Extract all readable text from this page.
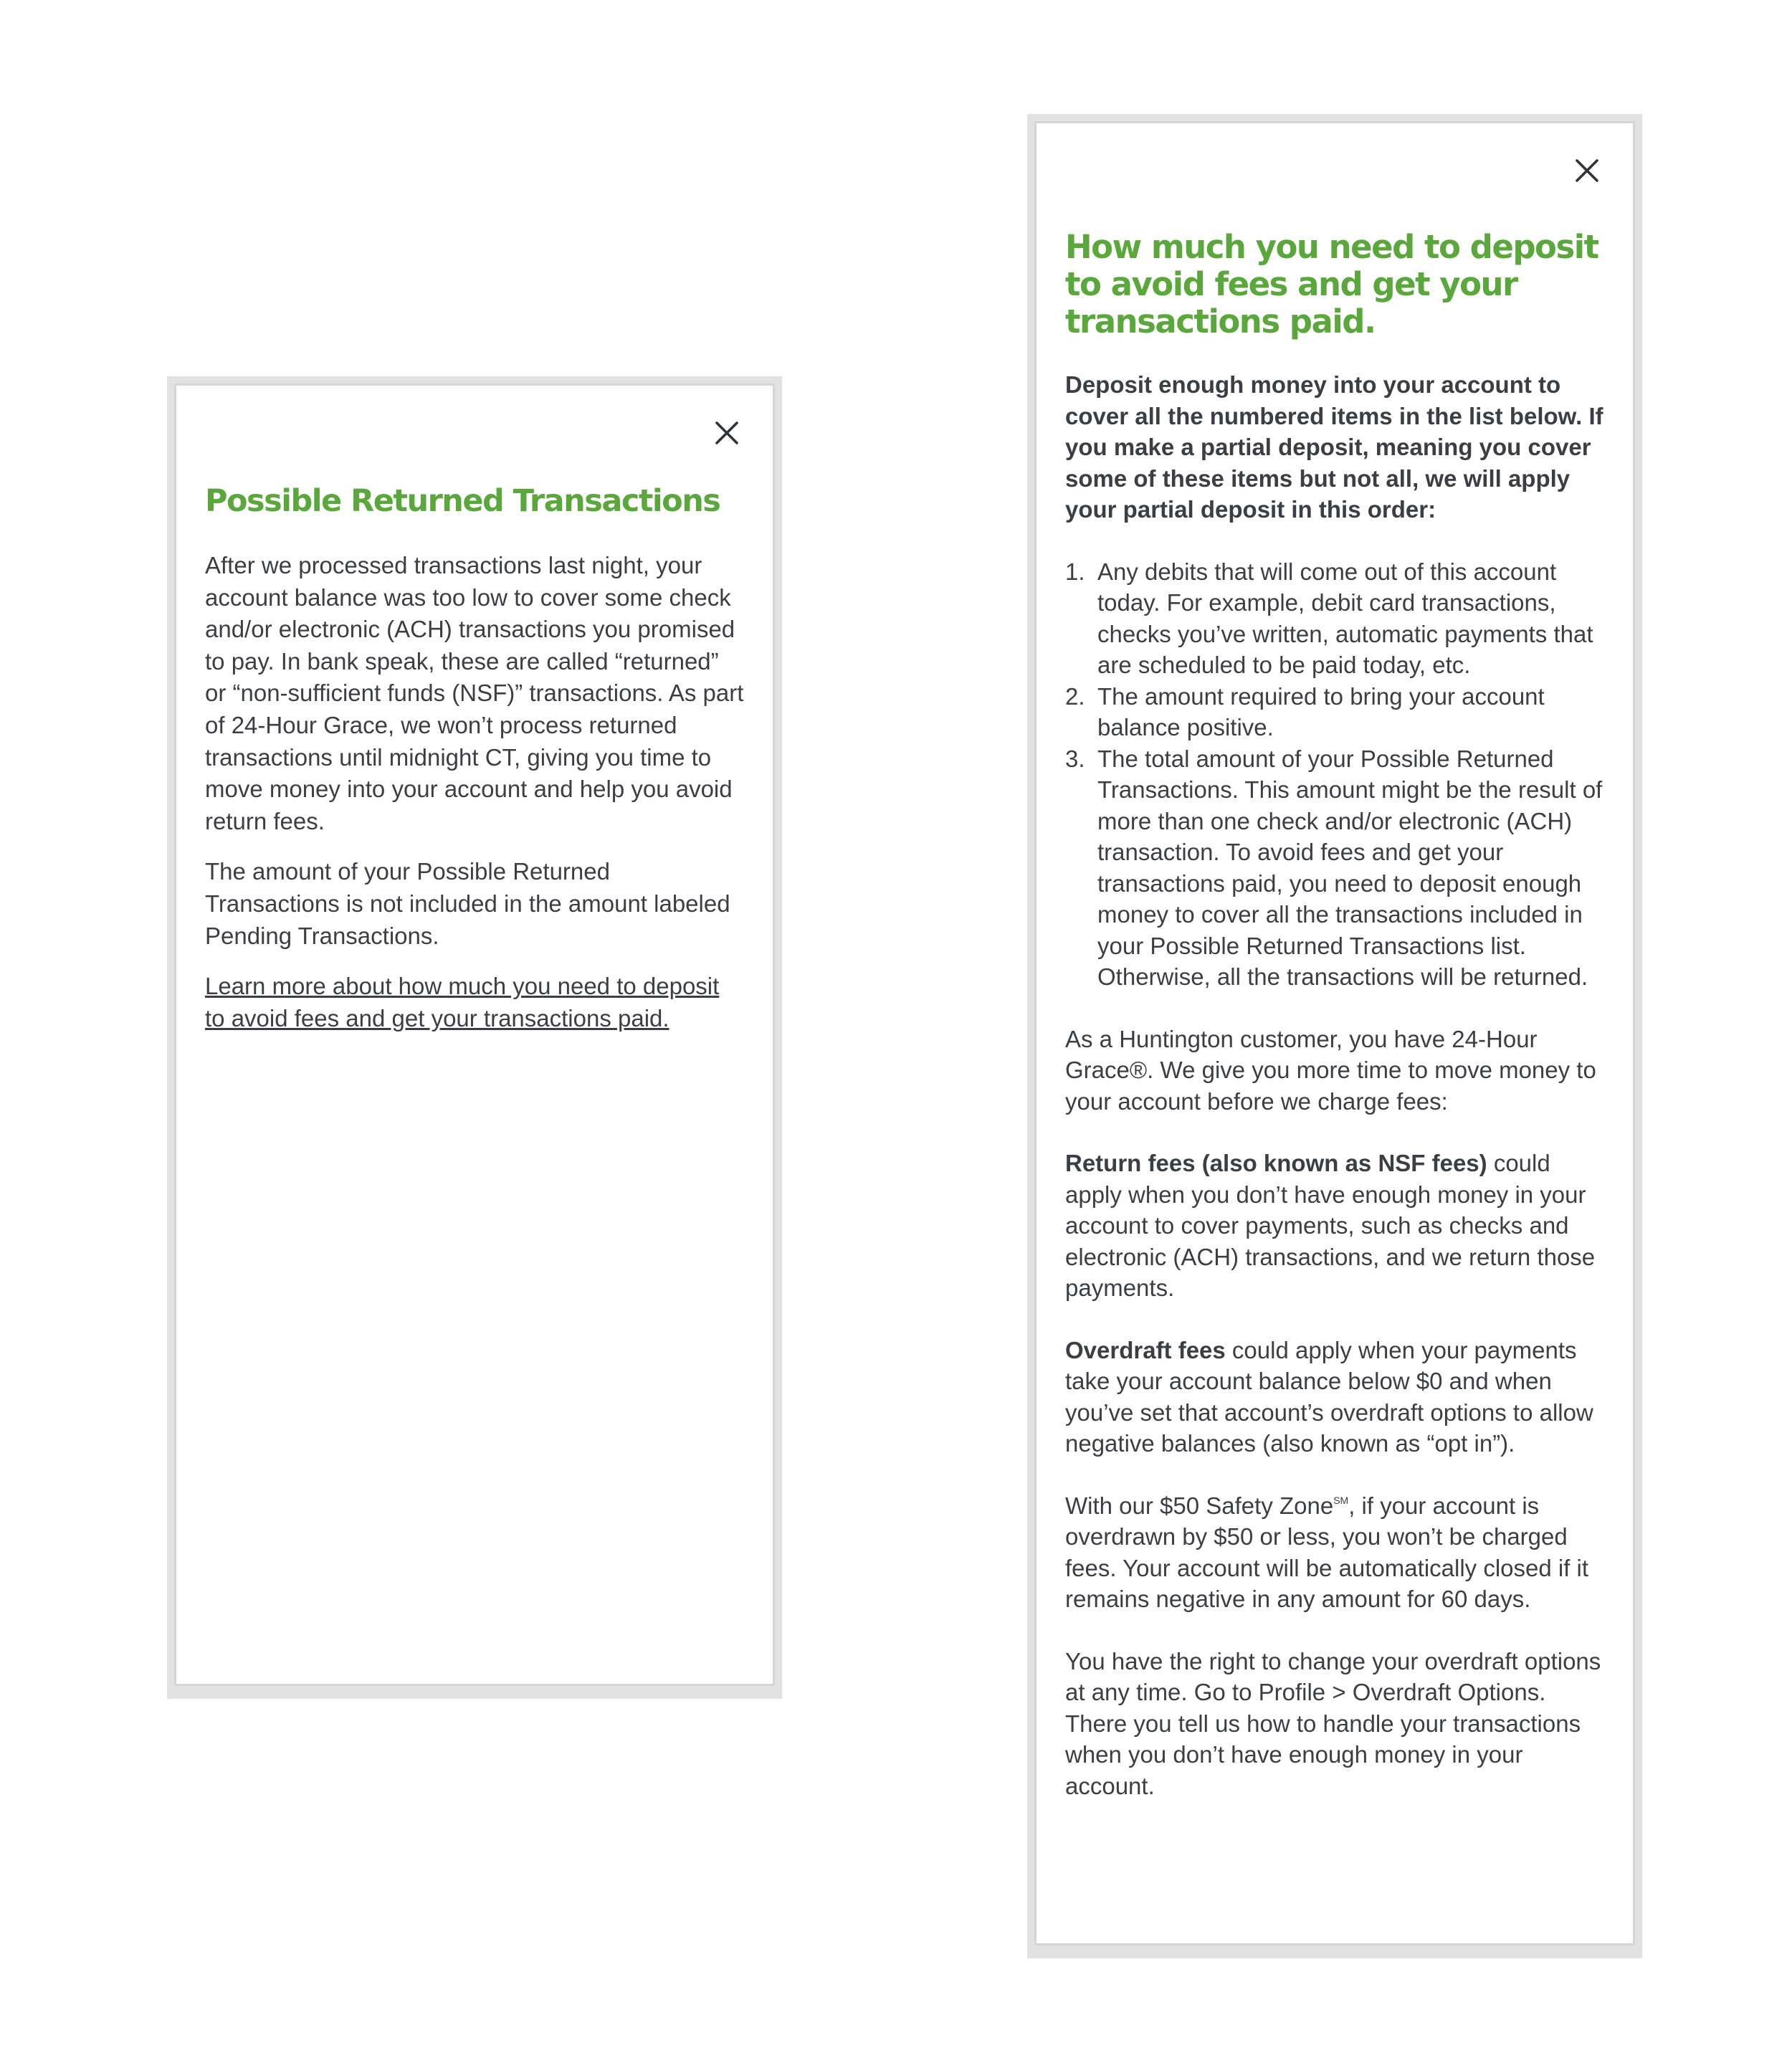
Possible Returned Transactions

After we processed transactions last night, your account balance was too low to cover some check and/or electronic (ACH) transactions you promised to pay. In bank speak, these are called “returned” or “non-sufficient funds (NSF)” transactions. As part of 24-Hour Grace, we won’t process returned transactions until midnight CT, giving you time to move money into your account and help you avoid return fees.

The amount of your Possible Returned Transactions is not included in the amount labeled Pending Transactions.

Learn more about how much you need to deposit to avoid fees and get your transactions paid.
How much you need to deposit to avoid fees and get your transactions paid.

Deposit enough money into your account to cover all the numbered items in the list below. If you make a partial deposit, meaning you cover some of these items but not all, we will apply your partial deposit in this order:

1. Any debits that will come out of this account today. For example, debit card transactions, checks you’ve written, automatic payments that are scheduled to be paid today, etc.
2. The amount required to bring your account balance positive.
3. The total amount of your Possible Returned Transactions. This amount might be the result of more than one check and/or electronic (ACH) transaction. To avoid fees and get your transactions paid, you need to deposit enough money to cover all the transactions included in your Possible Returned Transactions list. Otherwise, all the transactions will be returned.

As a Huntington customer, you have 24-Hour Grace®. We give you more time to move money to your account before we charge fees:

Return fees (also known as NSF fees) could apply when you don’t have enough money in your account to cover payments, such as checks and electronic (ACH) transactions, and we return those payments.

Overdraft fees could apply when your payments take your account balance below $0 and when you’ve set that account’s overdraft options to allow negative balances (also known as “opt in”).

With our $50 Safety Zone℠, if your account is overdrawn by $50 or less, you won’t be charged fees. Your account will be automatically closed if it remains negative in any amount for 60 days.

You have the right to change your overdraft options at any time. Go to Profile > Overdraft Options. There you tell us how to handle your transactions when you don’t have enough money in your account.
